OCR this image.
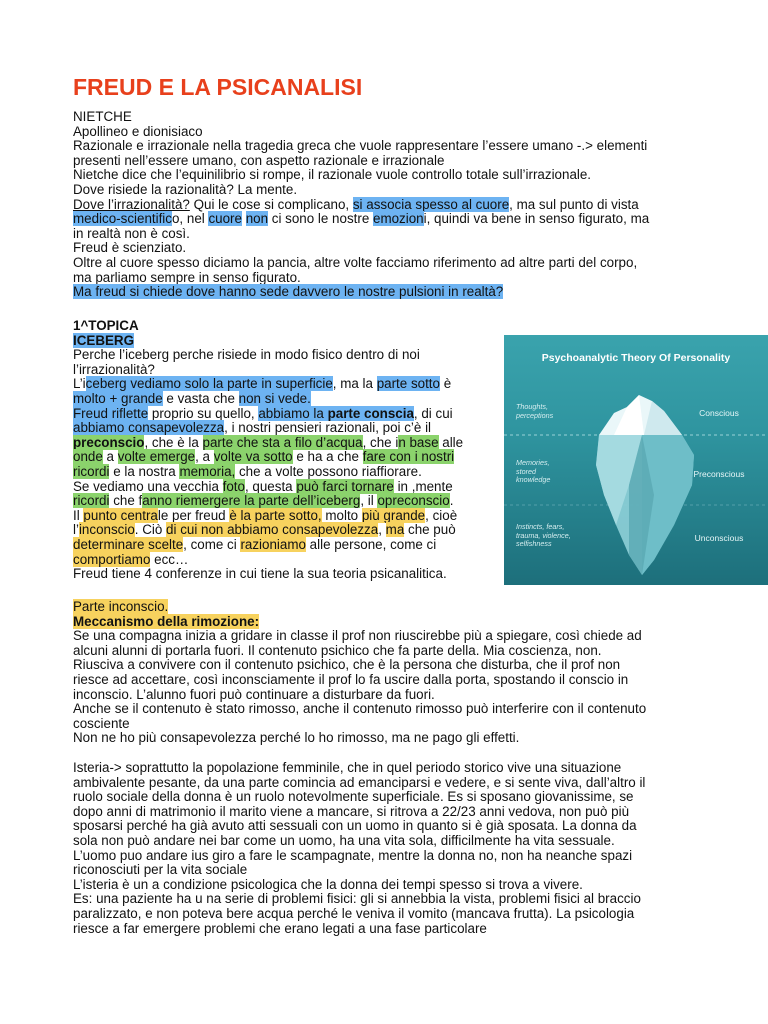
FREUD E LA PSICANALISI
NIETCHE
Apollineo e dionisiaco
Razionale e irrazionale nella tragedia greca che vuole rappresentare l’essere umano -.> elementi
presenti nell’essere umano, con aspetto razionale e irrazionale
Nietche dice che l’equinilibrio si rompe, il razionale vuole controllo totale sull’irrazionale.
Dove risiede la razionalità? La mente.
Dove l’irrazionalità? Qui le cose si complicano, si associa spesso al cuore, ma sul punto di vista
medico-scientifico, nel cuore non ci sono le nostre emozioni, quindi va bene in senso figurato, ma
in realtà non è così.
Freud è scienziato.
Oltre al cuore spesso diciamo la pancia, altre volte facciamo riferimento ad altre parti del corpo,
ma parliamo sempre in senso figurato.
Ma freud si chiede dove hanno sede davvero le nostre pulsioni in realtà?
1^TOPICA
ICEBERG
Perche l’iceberg perche risiede in modo fisico dentro di noi
l’irrazionalità?
L’iceberg vediamo solo la parte in superficie, ma la parte sotto è
molto + grande e vasta che non si vede.
Freud riflette proprio su quello, abbiamo la parte conscia, di cui
abbiamo consapevolezza, i nostri pensieri razionali, poi c’è il
preconscio, che è la parte che sta a filo d’acqua, che in base alle
onde a volte emerge, a volte va sotto e ha a che fare con i nostri
ricordi e la nostra memoria, che a volte possono riaffiorare.
Se vediamo una vecchia foto, questa può farci tornare in ,mente
ricordi che fanno riemergere la parte dell’iceberg, il opreconscio.
Il punto centrale per freud è la parte sotto, molto più grande, cioè
l’inconscio. Ciò di cui non abbiamo consapevolezza, ma che può
determinare scelte, come ci razioniamo alle persone, come ci
comportiamo ecc…
Freud tiene 4 conferenze in cui tiene la sua teoria psicanalitica.
Psychoanalytic Theory Of Personality
Thoughts,
perceptions
Memories,
stored
knowledge
Instincts, fears,
trauma, violence,
selfishness
Conscious
Preconscious
Unconscious
Parte inconscio.
Meccanismo della rimozione:
Se una compagna inizia a gridare in classe il prof non riuscirebbe più a spiegare, così chiede ad
alcuni alunni di portarla fuori. Il contenuto psichico che fa parte della. Mia coscienza, non.
Riusciva a convivere con il contenuto psichico, che è la persona che disturba, che il prof non
riesce ad accettare, così inconsciamente il prof lo fa uscire dalla porta, spostando il conscio in
inconscio. L’alunno fuori può continuare a disturbare da fuori.
Anche se il contenuto è stato rimosso, anche il contenuto rimosso può interferire con il contenuto
cosciente
Non ne ho più consapevolezza perché lo ho rimosso, ma ne pago gli effetti.
Isteria-> soprattutto la popolazione femminile, che in quel periodo storico vive una situazione
ambivalente pesante, da una parte comincia ad emanciparsi e vedere, e si sente viva, dall’altro il
ruolo sociale della donna è un ruolo notevolmente superficiale. Es si sposano giovanissime, se
dopo anni di matrimonio il marito viene a mancare, si ritrova a 22/23 anni vedova, non può più
sposarsi perché ha già avuto atti sessuali con un uomo in quanto si è già sposata. La donna da
sola non può andare nei bar come un uomo, ha una vita sola, difficilmente ha vita sessuale.
L’uomo puo andare ius giro a fare le scampagnate, mentre la donna no, non ha neanche spazi
riconosciuti per la vita sociale
L’isteria è un a condizione psicologica che la donna dei tempi spesso si trova a vivere.
Es: una paziente ha u na serie di problemi fisici: gli si annebbia la vista, problemi fisici al braccio
paralizzato, e non poteva bere acqua perché le veniva il vomito (mancava frutta). La psicologia
riesce a far emergere problemi che erano legati a una fase particolare
